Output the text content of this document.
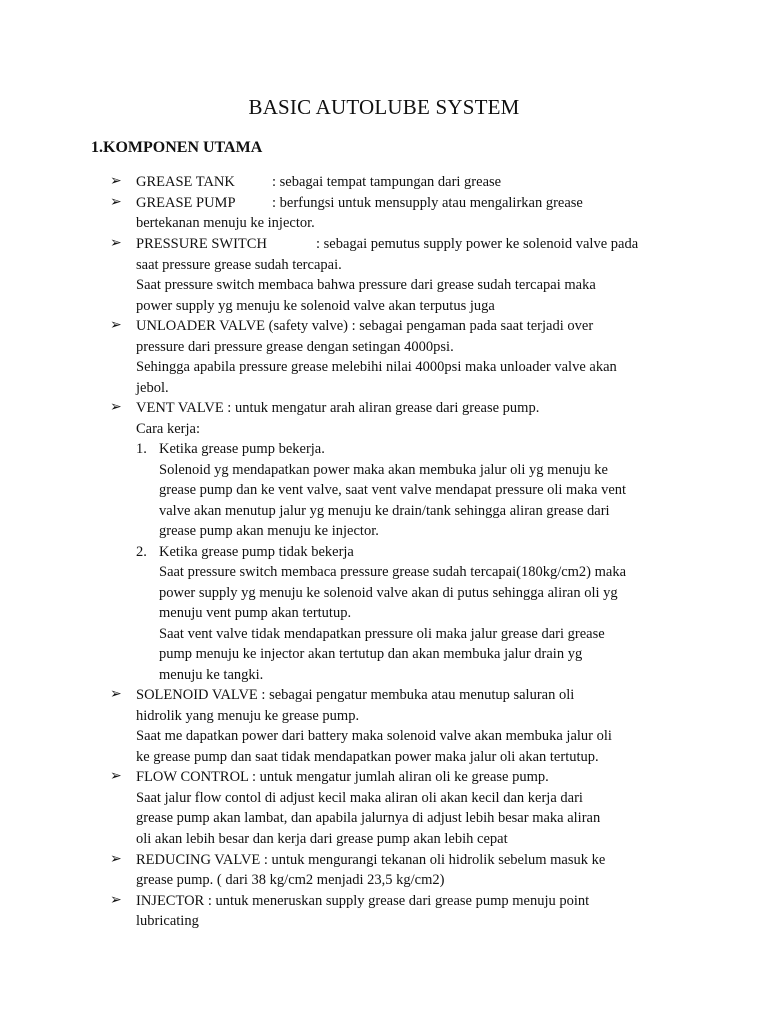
BASIC AUTOLUBE SYSTEM
1.KOMPONEN UTAMA
➢ GREASE TANK	: sebagai tempat tampungan dari grease
➢ GREASE PUMP	: berfungsi untuk mensupply atau mengalirkan grease
bertekanan menuju ke injector.
➢ PRESSURE SWITCH	: sebagai pemutus supply power ke solenoid valve pada
saat pressure grease sudah tercapai.
Saat pressure switch membaca bahwa pressure dari grease sudah tercapai maka
power supply yg menuju ke solenoid valve akan terputus juga
➢ UNLOADER VALVE (safety valve) : sebagai pengaman pada saat terjadi over
pressure dari pressure grease dengan setingan 4000psi.
Sehingga apabila pressure grease melebihi nilai 4000psi maka unloader valve akan
jebol.
➢ VENT VALVE : untuk mengatur arah aliran grease dari grease pump.
Cara kerja:
1. Ketika grease pump bekerja.
Solenoid yg mendapatkan power maka akan membuka jalur oli yg menuju ke
grease pump dan ke vent valve, saat vent valve mendapat pressure oli maka vent
valve akan menutup jalur yg menuju ke drain/tank sehingga aliran grease dari
grease pump akan menuju ke injector.
2. Ketika grease pump tidak bekerja
Saat pressure switch membaca pressure grease sudah tercapai(180kg/cm2) maka
power supply yg menuju ke solenoid valve akan di putus sehingga aliran oli yg
menuju vent pump akan tertutup.
Saat vent valve tidak mendapatkan pressure oli maka jalur grease dari grease
pump menuju ke injector akan tertutup dan akan membuka jalur drain yg
menuju ke tangki.
➢ SOLENOID VALVE : sebagai pengatur membuka atau menutup saluran oli
hidrolik yang menuju ke grease pump.
Saat me dapatkan power dari battery maka solenoid valve akan membuka jalur oli
ke grease pump dan saat tidak mendapatkan power maka jalur oli akan tertutup.
➢ FLOW CONTROL : untuk mengatur jumlah aliran oli ke grease pump.
Saat jalur flow contol di adjust kecil maka aliran oli akan kecil dan kerja dari
grease pump akan lambat, dan apabila jalurnya di adjust lebih besar maka aliran
oli akan lebih besar dan kerja dari grease pump akan lebih cepat
➢ REDUCING VALVE : untuk mengurangi tekanan oli hidrolik sebelum masuk ke
grease pump. ( dari 38 kg/cm2 menjadi 23,5 kg/cm2)
➢ INJECTOR : untuk meneruskan supply grease dari grease pump menuju point
lubricating
